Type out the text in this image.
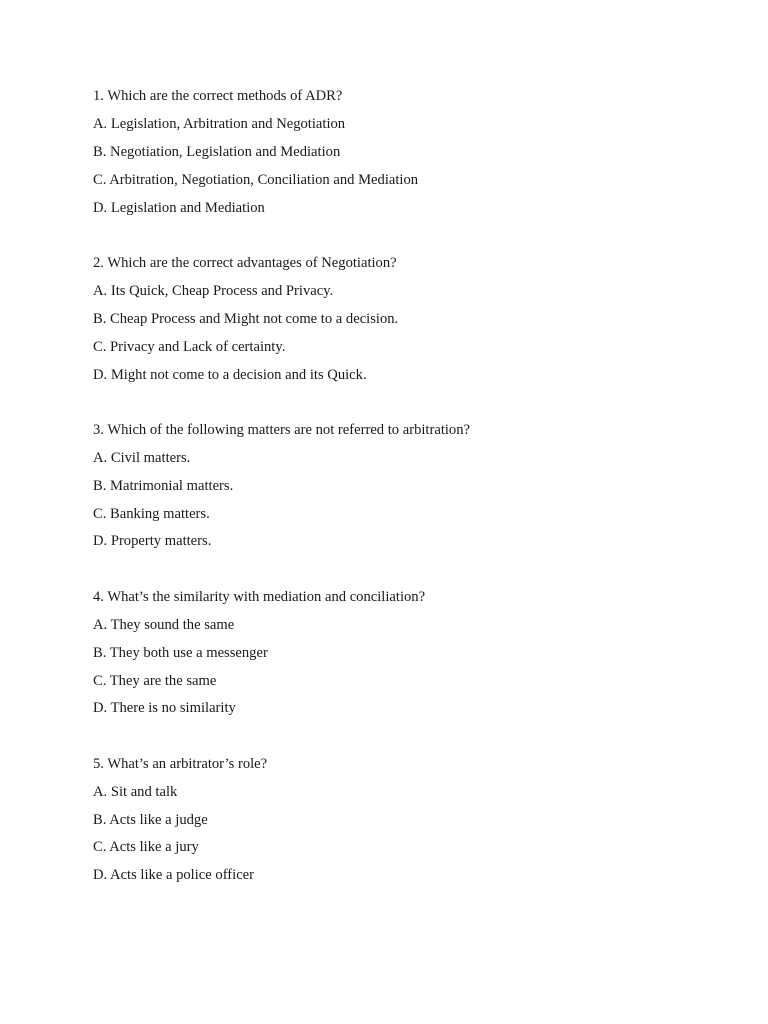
1. Which are the correct methods of ADR?
A. Legislation, Arbitration and Negotiation
B. Negotiation, Legislation and Mediation
C. Arbitration, Negotiation, Conciliation and Mediation
D. Legislation and Mediation
2. Which are the correct advantages of Negotiation?
A. Its Quick, Cheap Process and Privacy.
B. Cheap Process and Might not come to a decision.
C. Privacy and Lack of certainty.
D. Might not come to a decision and its Quick.
3. Which of the following matters are not referred to arbitration?
A. Civil matters.
B. Matrimonial matters.
C. Banking matters.
D. Property matters.
4. What’s the similarity with mediation and conciliation?
A. They sound the same
B. They both use a messenger
C. They are the same
D. There is no similarity
5. What’s an arbitrator’s role?
A. Sit and talk
B. Acts like a judge
C. Acts like a jury
D. Acts like a police officer
